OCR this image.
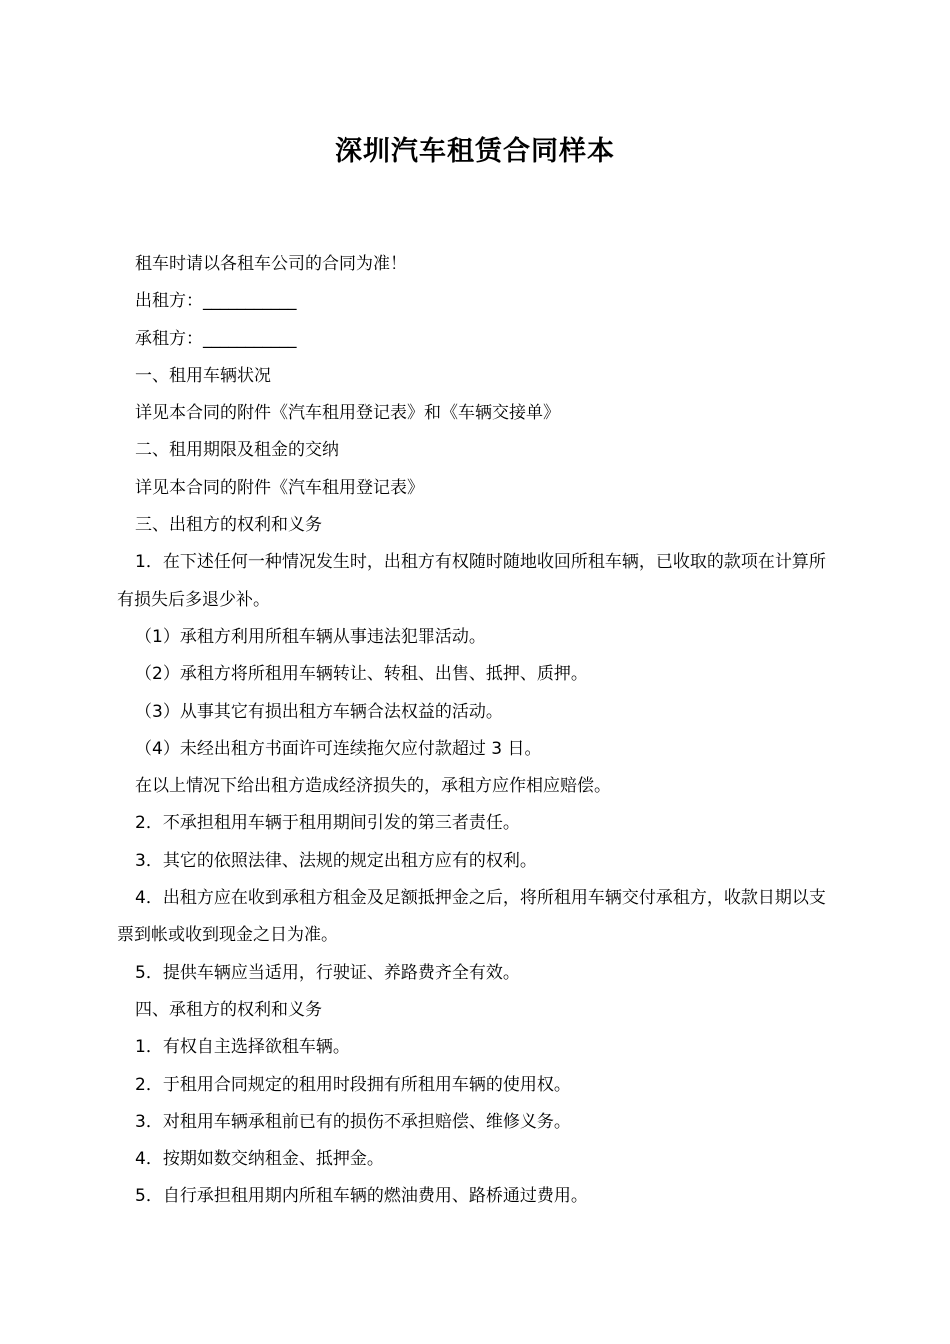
深圳汽车租赁合同样本

租车时请以各租车公司的合同为准！

出租方：___________

承租方：___________

一、租用车辆状况

详见本合同的附件《汽车租用登记表》和《车辆交接单》

二、租用期限及租金的交纳

详见本合同的附件《汽车租用登记表》

三、出租方的权利和义务

1．在下述任何一种情况发生时，出租方有权随时随地收回所租车辆，已收取的款项在计算所有损失后多退少补。

（1）承租方利用所租车辆从事违法犯罪活动。

（2）承租方将所租用车辆转让、转租、出售、抵押、质押。

（3）从事其它有损出租方车辆合法权益的活动。

（4）未经出租方书面许可连续拖欠应付款超过 3 日。

在以上情况下给出租方造成经济损失的，承租方应作相应赔偿。

2．不承担租用车辆于租用期间引发的第三者责任。

3．其它的依照法律、法规的规定出租方应有的权利。

4．出租方应在收到承租方租金及足额抵押金之后，将所租用车辆交付承租方，收款日期以支票到帐或收到现金之日为准。

5．提供车辆应当适用，行驶证、养路费齐全有效。

四、承租方的权利和义务

1．有权自主选择欲租车辆。

2．于租用合同规定的租用时段拥有所租用车辆的使用权。

3．对租用车辆承租前已有的损伤不承担赔偿、维修义务。

4．按期如数交纳租金、抵押金。

5．自行承担租用期内所租车辆的燃油费用、路桥通过费用。
